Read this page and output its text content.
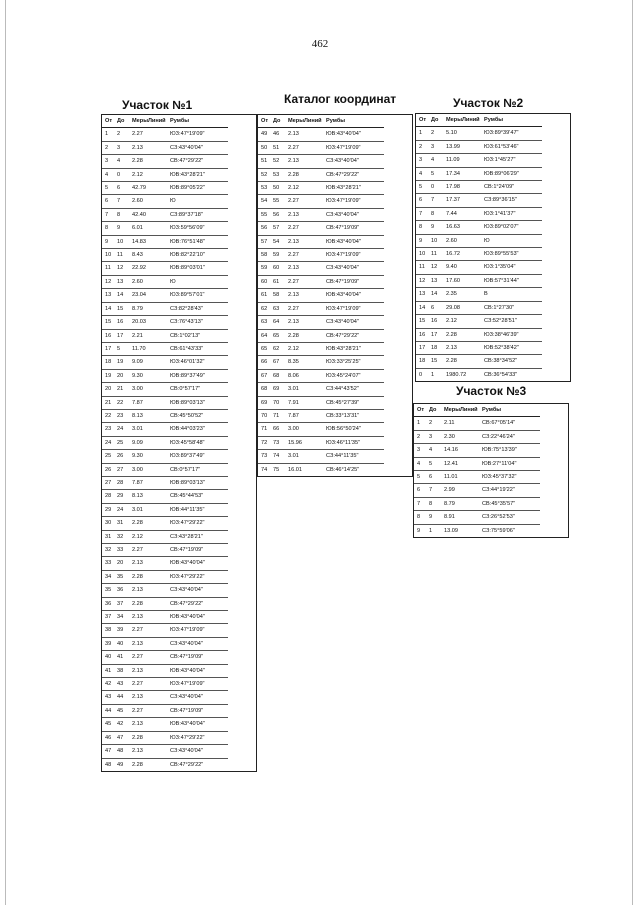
462
Каталог координат
Участок №1	Участок №2
Участок №3
От	До	МерыЛиний	Румбы
1	2	2.27	ЮЗ:47°19'09"
2	3	2.13	СЗ:43°40'04"
3	4	2.28	СВ:47°29'22"
4	0	2.12	ЮВ:43°28'21"
5	6	42.79	ЮВ:89°05'22"
6	7	2.60	Ю
7	8	42.40	СЗ:89°37'18"
8	9	6.01	ЮЗ:59°56'09"
9	10	14.83	ЮВ:76°51'48"
10	11	8.43	ЮВ:82°22'10"
11	12	22.92	ЮВ:89°03'01"
12	13	2.60	Ю
13	14	23.04	ЮЗ:89°57'01"
14	15	8.79	СЗ:82°28'43"
15	16	20.03	СЗ:76°43'13"
16	17	2.21	СВ:1°02'13"
17	5	11.70	СВ:61°43'33"
18	19	9.09	ЮЗ:46°01'32"
19	20	9.30	ЮВ:89°37'49"
20	21	3.00	СВ:0°57'17"
21	22	7.87	ЮВ:89°03'13"
22	23	8.13	СВ:45°50'52"
23	24	3.01	ЮВ:44°03'23"
24	25	9.09	ЮЗ:45°58'48"
25	26	9.30	ЮЗ:89°37'49"
26	27	3.00	СВ:0°57'17"
27	28	7.87	ЮВ:89°03'13"
28	29	8.13	СВ:45°44'53"
29	24	3.01	ЮВ:44°11'35"
30	31	2.28	ЮЗ:47°29'22"
31	32	2.12	СЗ:43°28'21"
32	33	2.27	СВ:47°19'09"
33	20	2.13	ЮВ:43°40'04"
34	35	2.28	ЮЗ:47°29'22"
35	36	2.13	СЗ:43°40'04"
36	37	2.28	СВ:47°29'22"
37	34	2.13	ЮВ:43°40'04"
38	39	2.27	ЮЗ:47°19'09"
39	40	2.13	СЗ:43°40'04"
40	41	2.27	СВ:47°19'09"
41	38	2.13	ЮВ:43°40'04"
42	43	2.27	ЮЗ:47°19'09"
43	44	2.13	СЗ:43°40'04"
44	45	2.27	СВ:47°19'09"
45	42	2.13	ЮВ:43°40'04"
46	47	2.28	ЮЗ:47°29'22"
47	48	2.13	СЗ:43°40'04"
48	49	2.28	СВ:47°29'22"
От	До	МерыЛиний	Румбы
49	46	2.13	ЮВ:43°40'04"
50	51	2.27	ЮЗ:47°19'09"
51	52	2.13	СЗ:43°40'04"
52	53	2.28	СВ:47°29'22"
53	50	2.12	ЮВ:43°28'21"
54	55	2.27	ЮЗ:47°19'09"
55	56	2.13	СЗ:43°40'04"
56	57	2.27	СВ:47°19'09"
57	54	2.13	ЮВ:43°40'04"
58	59	2.27	ЮЗ:47°19'09"
59	60	2.13	СЗ:43°40'04"
60	61	2.27	СВ:47°19'09"
61	58	2.13	ЮВ:43°40'04"
62	63	2.27	ЮЗ:47°19'09"
63	64	2.13	СЗ:43°40'04"
64	65	2.28	СВ:47°29'22"
65	62	2.12	ЮВ:43°28'21"
66	67	8.35	ЮЗ:33°25'25"
67	68	8.06	ЮЗ:45°24'07"
68	69	3.01	СЗ:44°43'52"
69	70	7.91	СВ:45°27'39"
70	71	7.87	СВ:33°13'31"
71	66	3.00	ЮВ:56°50'24"
72	73	15.96	ЮЗ:46°11'35"
73	74	3.01	СЗ:44°11'35"
74	75	16.01	СВ:46°14'25"
От	До	МерыЛиний	Румбы
1	2	5.10	ЮЗ:89°39'47"
2	3	13.99	ЮЗ:61°53'46"
3	4	11.09	ЮЗ:1°45'27"
4	5	17.34	ЮВ:89°06'29"
5	0	17.98	СВ:1°24'09"
6	7	17.37	СЗ:89°36'15"
7	8	7.44	ЮЗ:1°41'37"
8	9	16.63	ЮЗ:89°02'07"
9	10	2.60	Ю
10	11	16.72	ЮЗ:89°55'53"
11	12	9.40	ЮЗ:1°35'04"
12	13	17.60	ЮВ:57°31'44"
13	14	2.35	В
14	6	29.08	СВ:1°27'30"
15	16	2.12	СЗ:52°28'51"
16	17	2.28	ЮЗ:38°46'39"
17	18	2.13	ЮВ:52°38'42"
18	15	2.28	СВ:38°34'52"
0	1	1980.72	СВ:36°54'33"
От	До	МерыЛиний	Румбы
1	2	2.11	СВ:67°05'14"
2	3	2.30	СЗ:22°46'24"
3	4	14.16	ЮВ:75°13'39"
4	5	12.41	ЮВ:27°11'04"
5	6	11.01	ЮЗ:45°37'32"
6	7	2.99	СЗ:44°19'22"
7	8	8.79	СВ:45°35'57"
8	9	8.91	СЗ:26°52'53"
9	1	13.09	СЗ:75°59'06"
